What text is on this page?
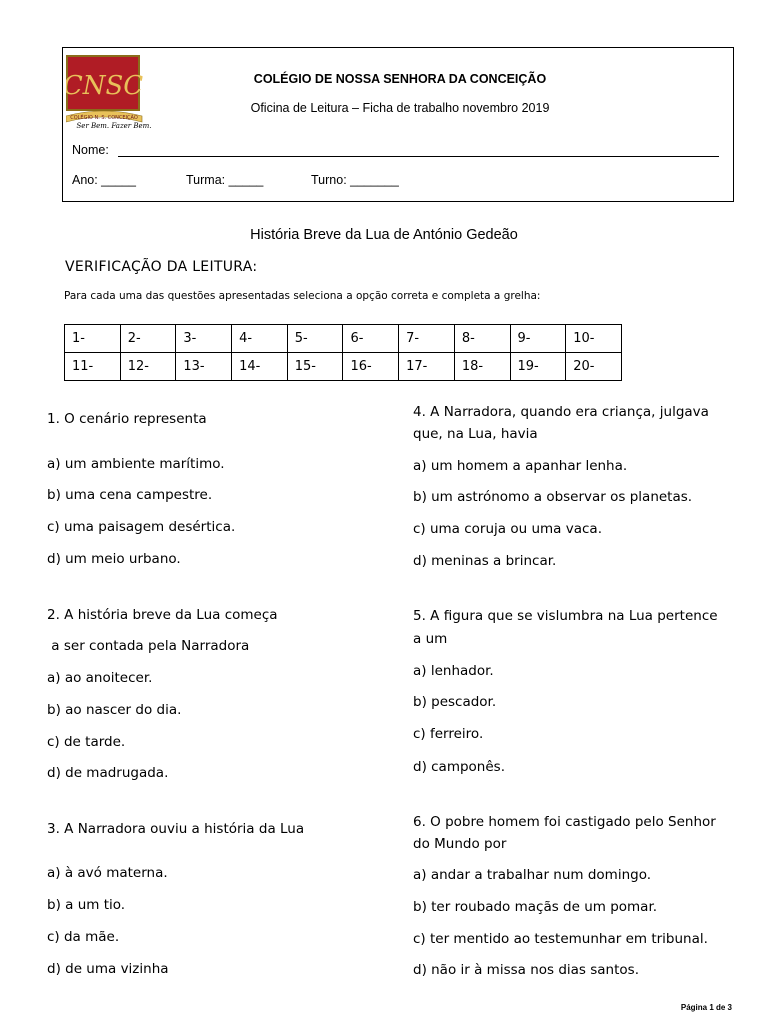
CNSC
COLÉGIO N. S. CONCEIÇÃO
Ser Bem. Fazer Bem.
COLÉGIO DE NOSSA SENHORA DA CONCEIÇÃO
Oficina de Leitura – Ficha de trabalho novembro 2019
Nome:
Ano: _____	Turma: _____	Turno: _______
História Breve da Lua de António Gedeão
VERIFICAÇÃO DA LEITURA:
Para cada uma das questões apresentadas seleciona a opção correta e completa a grelha:
1-	2-	3-	4-	5-	6-	7-	8-	9-	10-
11-	12-	13-	14-	15-	16-	17-	18-	19-	20-
1. O cenário representa
a) um ambiente marítimo.
b) uma cena campestre.
c) uma paisagem desértica.
d) um meio urbano.
2. A história breve da Lua começa
a ser contada pela Narradora
a) ao anoitecer.
b) ao nascer do dia.
c) de tarde.
d) de madrugada.
3. A Narradora ouviu a história da Lua
a) à avó materna.
b) a um tio.
c) da mãe.
d) de uma vizinha
4. A Narradora, quando era criança, julgava
que, na Lua, havia
a) um homem a apanhar lenha.
b) um astrónomo a observar os planetas.
c) uma coruja ou uma vaca.
d) meninas a brincar.
5. A figura que se vislumbra na Lua pertence
a um
a) lenhador.
b) pescador.
c) ferreiro.
d) camponês.
6. O pobre homem foi castigado pelo Senhor
do Mundo por
a) andar a trabalhar num domingo.
b) ter roubado maçãs de um pomar.
c) ter mentido ao testemunhar em tribunal.
d) não ir à missa nos dias santos.
Página 1 de 3
